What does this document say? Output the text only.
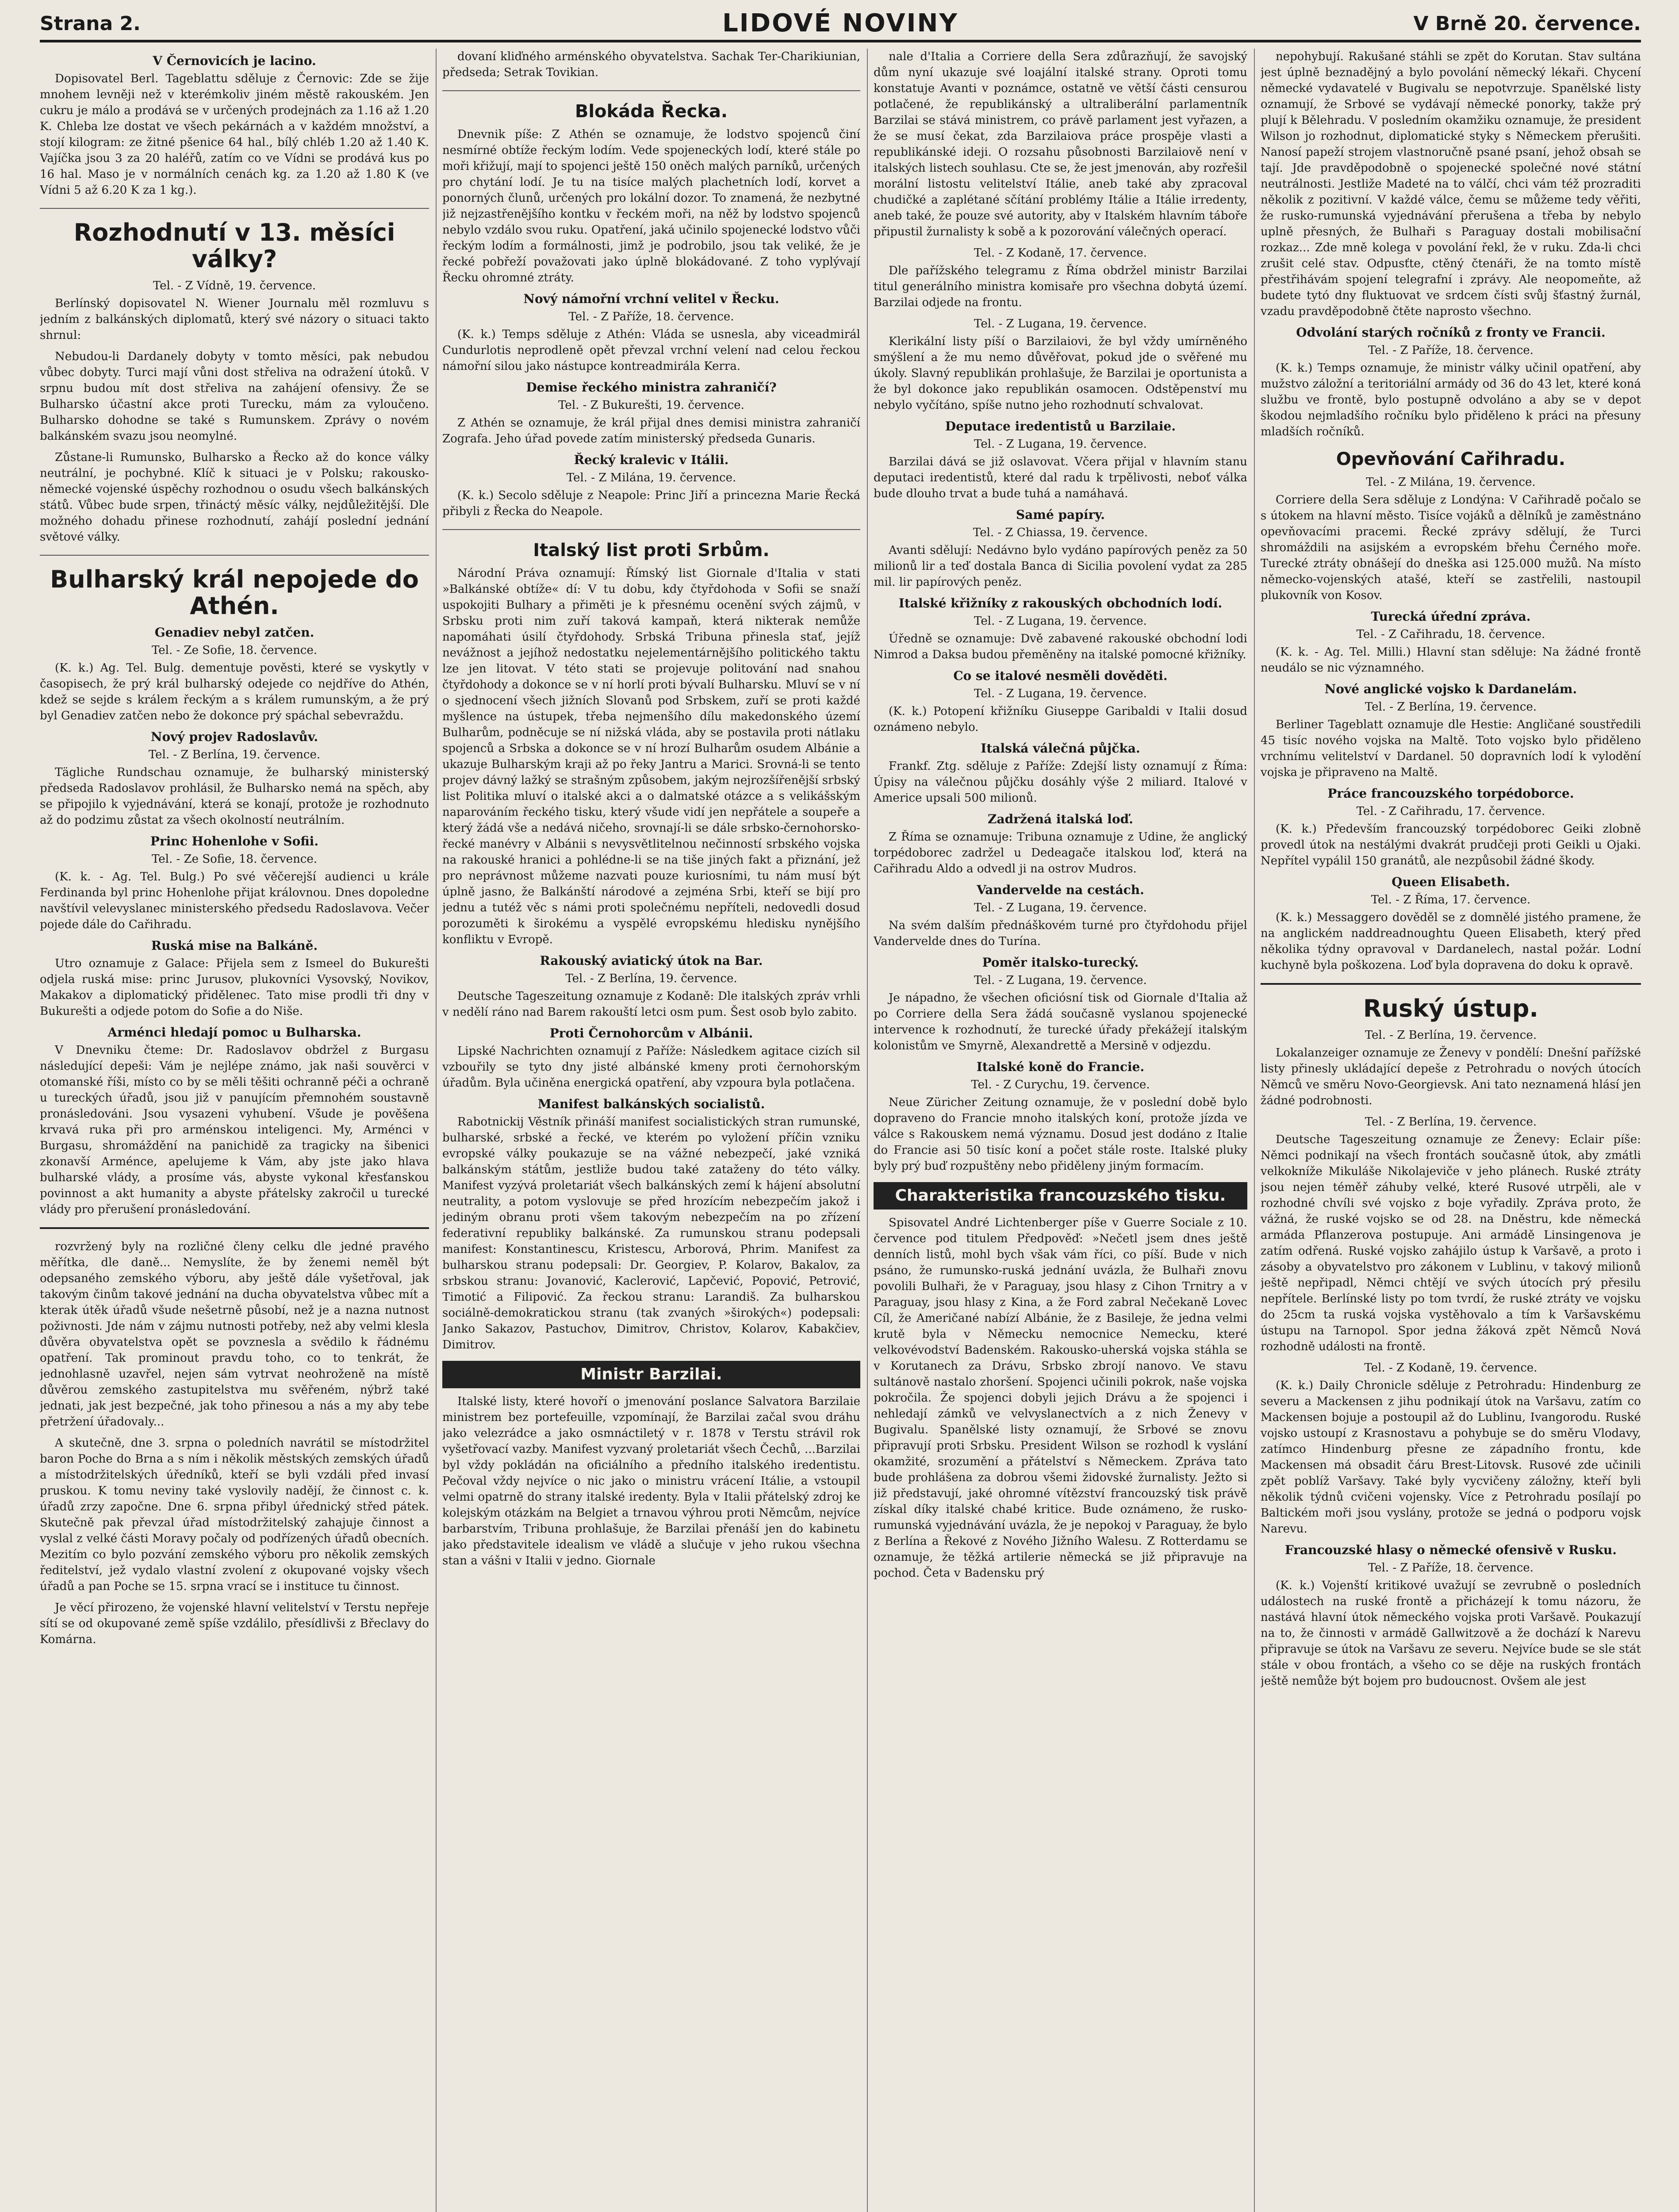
Strana 2.	LIDOVÉ NOVINY	V Brně 20. července.
V Černovicích je lacino.

Dopisovatel Berl. Tageblattu sděluje z Černovic: Zde se žije mnohem levněji než v kterémkoliv jiném městě rakouském. Jen cukru je málo a prodává se v určených prodejnách za 1.16 až 1.20 K. Chleba lze dostat ve všech pekárnách a v každém množství, a stojí kilogram: ze žitné pšenice 64 hal., bílý chléb 1.20 až 1.40 K. Vajíčka jsou 3 za 20 haléřů, zatím co ve Vídni se prodává kus po 16 hal. Maso je v normálních cenách kg. za 1.20 až 1.80 K (ve Vídni 5 až 6.20 K za 1 kg.).

Rozhodnutí v 13. měsíci války?
Tel. - Z Vídně, 19. července.

Berlínský dopisovatel N. Wiener Journalu měl rozmluvu s jedním z balkánských diplomatů, který své názory o situaci takto shrnul:

Nebudou-li Dardanely dobyty v tomto měsíci, pak nebudou vůbec dobyty. Turci mají vůni dost střeliva na odražení útoků. V srpnu budou mít dost střeliva na zahájení ofensivy. Že se Bulharsko účastní akce proti Turecku, mám za vyloučeno. Bulharsko dohodne se také s Rumunskem. Zprávy o novém balkánském svazu jsou neomylné.

Zůstane-li Rumunsko, Bulharsko a Řecko až do konce války neutrální, je pochybné. Klíč k situaci je v Polsku; rakousko-německé vojenské úspěchy rozhodnou o osudu všech balkánských států. Vůbec bude srpen, třináctý měsíc války, nejdůležitější. Dle možného dohadu přinese rozhodnutí, zahájí poslední jednání světové války.

Bulharský král nepojede do Athén.
Genadiev nebyl zatčen.
Tel. - Ze Sofie, 18. července.

(K. k.) Ag. Tel. Bulg. dementuje pověsti, které se vyskytly v časopisech, že prý král bulharský odejede co nejdříve do Athén, kdež se sejde s králem řeckým a s králem rumunským, a že prý byl Genadiev zatčen nebo že dokonce prý spáchal sebevraždu.

Nový projev Radoslavův.
Tel. - Z Berlína, 19. července.

Tägliche Rundschau oznamuje, že bulharský ministerský předseda Radoslavov prohlásil, že Bulharsko nemá na spěch, aby se připojilo k vyjednávání, která se konají, protože je rozhodnuto až do podzimu zůstat za všech okolností neutrálním.

Princ Hohenlohe v Sofii.
Tel. - Ze Sofie, 18. července.

(K. k. - Ag. Tel. Bulg.) Po své věčerejší audienci u krále Ferdinanda byl princ Hohenlohe přijat královnou. Dnes dopoledne navštívil velevyslanec ministerského předsedu Radoslavova. Večer pojede dále do Cařihradu.

Ruská mise na Balkáně.

Utro oznamuje z Galace: Přijela sem z Ismeel do Bukurešti odjela ruská mise: princ Jurusov, plukovníci Vysovský, Novikov, Makakov a diplomatický přidělenec. Tato mise prodli tři dny v Bukurešti a odjede potom do Sofie a do Niše.

Arménci hledají pomoc u Bulharska.

V Dnevniku čteme: Dr. Radoslavov obdržel z Burgasu následující depeši: Vám je nejlépe známo, jak naši souvěrci v otomanské říši, místo co by se měli těšiti ochranně péči a ochraně u tureckých úřadů, jsou již v panujícím přemnohém soustavně pronásledováni. Jsou vysazeni vyhubení. Všude je pověšena krvavá ruka při pro arménskou inteligenci. My, Arménci v Burgasu, shromáždění na panichidě za tragicky na šibenici zkonavší Arménce, apelujeme k Vám, aby jste jako hlava bulharské vlády, a prosíme vás, abyste vykonal křesťanskou povinnost a akt humanity a abyste přátelsky zakročil u turecké vlády pro přerušení pronásledování.

rozvržený byly na rozličné členy celku dle jedné pravého měřítka, dle daně... Nemyslíte, že by ženemi neměl být odepsaného zemského výboru, aby ještě dále vyšetřoval, jak takovým činům takové jednání na ducha obyvatelstva vůbec mít a kterak útěk úřadů všude nešetrně působí, než je a nazna nutnost poživnosti. Jde nám v zájmu nutnosti potřeby, než aby velmi klesla důvěra obyvatelstva opět se povznesla a svědilo k řádnému opatření. Tak prominout pravdu toho, co to tenkrát, že jednohlasně uzavřel, nejen sám vytrvat neohroženě na místě důvěrou zemského zastupitelstva mu svěřeném, nýbrž také jednati, jak jest bezpečné, jak toho přinesou a nás a my aby tebe přetržení úřadovaly...

A skutečně, dne 3. srpna o poledních navrátil se místodržitel baron Poche do Brna a s ním i několik městských zemských úřadů a místodržitelských úředníků, kteří se byli vzdáli před invasí pruskou. K tomu neviny také vyslovily nadějí, že činnost c. k. úřadů zrzy započne. Dne 6. srpna přibyl úřednický střed pátek. Skutečně pak převzal úřad místodržitelský zahajuje činnost a vyslal z velké části Moravy počaly od podřízených úřadů obecních. Mezitím co bylo pozvání zemského výboru pro několik zemských ředitelství, jež vydalo vlastní zvolení z okupované vojsky všech úřadů a pan Poche se 15. srpna vrací se i instituce tu činnost.

Je věcí přirozeno, že vojenské hlavní velitelství v Terstu nepřeje sítí se od okupované země spíše vzdálilo, přesídlivši z Břeclavy do Komárna.

dovaní kliďného arménského obyvatelstva. Sachak Ter-Charikiunian, předseda; Setrak Tovikian.

Blokáda Řecka.

Dnevnik píše: Z Athén se oznamuje, že lodstvo spojenců činí nesmírné obtíže řeckým lodím. Vede spojeneckých lodí, které stále po moři křižují, mají to spojenci ještě 150 oněch malých parníků, určených pro chytání lodí. Je tu na tisíce malých plachetních lodí, korvet a ponorných člunů, určených pro lokální dozor. To znamená, že nezbytné již nejzastřenějšího kontku v řeckém moři, na něž by lodstvo spojenců nebylo vzdálo svou ruku. Opatření, jaká učinilo spojenecké lodstvo vůči řeckým lodím a formálnosti, jimž je podrobilo, jsou tak veliké, že je řecké pobřeží považovati jako úplně blokádované. Z toho vyplývají Řecku ohromné ztráty.

Nový námořní vrchní velitel v Řecku.
Tel. - Z Paříže, 18. července.

(K. k.) Temps sděluje z Athén: Vláda se usnesla, aby viceadmirál Cundurlotis neprodleně opět převzal vrchní velení nad celou řeckou námořní silou jako nástupce kontreadmirála Kerra.

Demise řeckého ministra zahraničí?
Tel. - Z Bukurešti, 19. července.

Z Athén se oznamuje, že král přijal dnes demisi ministra zahraničí Zografa. Jeho úřad povede zatím ministerský předseda Gunaris.

Řecký kralevic v Itálii.
Tel. - Z Milána, 19. července.

(K. k.) Secolo sděluje z Neapole: Princ Jiří a princezna Marie Řecká přibyli z Řecka do Neapole.

Italský list proti Srbům.

Národní Práva oznamují: Římský list Giornale d'Italia v stati »Balkánské obtíže« dí: V tu dobu, kdy čtyřdohoda v Sofii se snaží uspokojiti Bulhary a přiměti je k přesnému ocenění svých zájmů, v Srbsku proti nim zuří taková kampaň, která nikterak nemůže napomáhati úsilí čtyřdohody. Srbská Tribuna přinesla stať, jejíž nevážnost a jejíhož nedostatku nejelementárnějšího politického taktu lze jen litovat. V této stati se projevuje politování nad snahou čtyřdohody a dokonce se v ní horlí proti bývalí Bulharsku. Mluví se v ní o sjednocení všech jižních Slovanů pod Srbskem, zuří se proti každé myšlence na ústupek, třeba nejmenšího dílu makedonského území Bulharům, podněcuje se ní nižská vláda, aby se postavila proti nátlaku spojenců a Srbska a dokonce se v ní hrozí Bulharům osudem Albánie a ukazuje Bulharským kraji až po řeky Jantru a Marici. Srovná-li se tento projev dávný lažký se strašným způsobem, jakým nejrozšířenější srbský list Politika mluví o italské akci a o dalmatské otázce a s velikášským naparováním řeckého tisku, který všude vidí jen nepřátele a soupeře a který žádá vše a nedává ničeho, srovnají-li se dále srbsko-černohorsko-řecké manévry v Albánii s nevysvětlitelnou nečinností srbského vojska na rakouské hranici a pohlédne-li se na tiše jiných fakt a přiznání, jež pro neprávnost můžeme nazvati pouze kuriosními, tu nám musí být úplně jasno, že Balkánští národové a zejména Srbi, kteří se bijí pro jednu a tutéž věc s námi proti společnému nepříteli, nedovedli dosud porozuměti k širokému a vyspělé evropskému hledisku nynějšího konfliktu v Evropě.

Rakouský aviatický útok na Bar.
Tel. - Z Berlína, 19. července.

Deutsche Tageszeitung oznamuje z Kodaně: Dle italských zpráv vrhli v nedělí ráno nad Barem rakouští letci osm pum. Šest osob bylo zabito.

Proti Černohorcům v Albánii.

Lipské Nachrichten oznamují z Paříže: Následkem agitace cizích sil vzbouřily se tyto dny jisté albánské kmeny proti černohorským úřadům. Byla učiněna energická opatření, aby vzpoura byla potlačena.

Manifest balkánských socialistů.

Rabotnickij Věstník přináší manifest socialistických stran rumunské, bulharské, srbské a řecké, ve kterém po vyložení příčin vzniku evropské války poukazuje se na vážné nebezpečí, jaké vzniká balkánským státům, jestliže budou také zataženy do této války. Manifest vyzývá proletariát všech balkánských zemí k hájení absolutní neutrality, a potom vyslovuje se před hrozícím nebezpečím jakož i jediným obranu proti všem takovým nebezpečím na po zřízení federativní republiky balkánské. Za rumunskou stranu podepsali manifest: Konstantinescu, Kristescu, Arborová, Phrim. Manifest za bulharskou stranu podepsali: Dr. Georgiev, P. Kolarov, Bakalov, za srbskou stranu: Jovanović, Kaclerović, Lapčević, Popović, Petrović, Timotić a Filipović. Za řeckou stranu: Larandiš. Za bulharskou sociálně-demokratickou stranu (tak zvaných »širokých«) podepsali: Janko Sakazov, Pastuchov, Dimitrov, Christov, Kolarov, Kabakčiev, Dimitrov.

Ministr Barzilai.

Italské listy, které hovoří o jmenování poslance Salvatora Barzilaie ministrem bez portefeuille, vzpomínají, že Barzilai začal svou dráhu jako velezrádce a jako osmnáctiletý v r. 1878 v Terstu strávil rok vyšetřovací vazby. Manifest vyzvaný proletariát všech Čechů, ...Barzilai byl vždy pokládán na oficiálního a předního italského iredentistu. Pečoval vždy nejvíce o nic jako o ministru vrácení Itálie, a vstoupil velmi opatrně do strany italské iredenty. Byla v Italii přátelský zdroj ke kolejským otázkám na Belgiet a trnavou výhrou proti Němcům, nejvíce barbarstvím, Tribuna prohlašuje, že Barzilai přenáší jen do kabinetu jako představitele idealism ve vládě a slučuje v jeho rukou všechna stan a vášni v Italii v jedno. Giornale

nale d'Italia a Corriere della Sera zdůrazňují, že savojský dům nyní ukazuje své loajální italské strany. Oproti tomu konstatuje Avanti v poznámce, ostatně ve větší části censurou potlačené, že republikánský a ultraliberální parlamentník Barzilai se stává ministrem, co právě parlament jest vyřazen, a že se musí čekat, zda Barzilaiova práce prospěje vlasti a republikánské ideji. O rozsahu působnosti Barzilaiově není v italských listech souhlasu. Cte se, že jest jmenován, aby rozřešil morální listostu velitelství Itálie, aneb také aby zpracoval chudičké a zaplétané sčítání problémy Itálie a Itálie irredenty, aneb také, že pouze své autority, aby v Italském hlavním táboře připustil žurnalisty k sobě a k pozorování válečných operací.

Tel. - Z Kodaně, 17. července.

Dle pařížského telegramu z Říma obdržel ministr Barzilai titul generálního ministra komisaře pro všechna dobytá území. Barzilai odjede na frontu.

Tel. - Z Lugana, 19. července.

Klerikální listy píší o Barzilaiovi, že byl vždy umírněného smýšlení a že mu nemo důvěřovat, pokud jde o svěřené mu úkoly. Slavný republikán prohlašuje, že Barzilai je oportunista a že byl dokonce jako republikán osamocen. Odstěpenství mu nebylo vyčítáno, spíše nutno jeho rozhodnutí schvalovat.

Deputace iredentistů u Barzilaie.
Tel. - Z Lugana, 19. července.

Barzilai dává se již oslavovat. Včera přijal v hlavním stanu deputaci iredentistů, které dal radu k trpělivosti, neboť válka bude dlouho trvat a bude tuhá a namáhavá.

Samé papíry.
Tel. - Z Chiassa, 19. července.

Avanti sdělují: Nedávno bylo vydáno papírových peněz za 50 milionů lir a teď dostala Banca di Sicilia povolení vydat za 285 mil. lir papírových peněz.

Italské křižníky z rakouských obchodních lodí.
Tel. - Z Lugana, 19. července.

Úředně se oznamuje: Dvě zabavené rakouské obchodní lodi Nimrod a Daksa budou přeměněny na italské pomocné křižníky.

Co se italové nesměli dověděti.
Tel. - Z Lugana, 19. července.

(K. k.) Potopení křižníku Giuseppe Garibaldi v Italii dosud oznámeno nebylo.

Italská válečná půjčka.

Frankf. Ztg. sděluje z Paříže: Zdejší listy oznamují z Říma: Úpisy na válečnou půjčku dosáhly výše 2 miliard. Italové v Americe upsali 500 milionů.

Zadržená italská loď.

Z Říma se oznamuje: Tribuna oznamuje z Udine, že anglický torpédoborec zadržel u Dedeagače italskou loď, která na Cařihradu Aldo a odvedl ji na ostrov Mudros.

Vandervelde na cestách.
Tel. - Z Lugana, 19. července.

Na svém dalším přednáškovém turné pro čtyřdohodu přijel Vandervelde dnes do Turína.

Poměr italsko-turecký.
Tel. - Z Lugana, 19. července.

Je nápadno, že všechen oficiósní tisk od Giornale d'Italia až po Corriere della Sera žádá současně vyslanou spojenecké intervence k rozhodnutí, že turecké úřady překážejí italským kolonistům ve Smyrně, Alexandrettě a Mersině v odjezdu.

Italské koně do Francie.
Tel. - Z Curychu, 19. července.

Neue Züricher Zeitung oznamuje, že v poslední době bylo dopraveno do Francie mnoho italských koní, protože jízda ve válce s Rakouskem nemá významu. Dosud jest dodáno z Italie do Francie asi 50 tisíc koní a počet stále roste. Italské pluky byly prý buď rozpuštěny nebo přiděleny jiným formacím.

Charakteristika francouzského tisku.

Spisovatel André Lichtenberger píše v Guerre Sociale z 10. července pod titulem Předpověď: »Nečetl jsem dnes ještě denních listů, mohl bych však vám říci, co píší. Bude v nich psáno, že rumunsko-ruská jednání uvázla, že Bulhaři znovu povolili Bulhaři, že v Paraguay, jsou hlasy z Cihon Trnitry a v Paraguay, jsou hlasy z Kina, a že Ford zabral Nečekaně Lovec Cíl, že Američané nabízí Albánie, že z Basileje, že jedna velmi krutě byla v Německu nemocnice Nemecku, které velkovévodství Badenském. Rakousko-uherská vojska stáhla se v Korutanech za Drávu, Srbsko zbrojí nanovo. Ve stavu sultánově nastalo zhoršení. Spojenci učinili pokrok, naše vojska pokročila. Že spojenci dobyli jejich Drávu a že spojenci i nehledají zámků ve velvyslanectvích a z nich Ženevy v Bugivalu. Spanělské listy oznamují, že Srbové se znovu připravují proti Srbsku. President Wilson se rozhodl k vyslání okamžité, srozumění a přátelství s Německem. Zpráva tato bude prohlášena za dobrou všemi židovské žurnalisty. Ježto si již představují, jaké ohromné vítězství francouzský tisk právě získal díky italské chabé kritice. Bude oznámeno, že rusko-rumunská vyjednávání uvázla, že je nepokoj v Paraguay, že bylo z Berlína a Řekové z Nového Jižního Walesu. Z Rotterdamu se oznamuje, že těžká artilerie německá se již připravuje na pochod. Četa v Badensku prý

nepohybují. Rakušané stáhli se zpět do Korutan. Stav sultána jest úplně beznadějný a bylo povolání německý lékaři. Chycení německé vydavatelé v Bugivalu se nepotvrzuje. Spanělské listy oznamují, že Srbové se vydávají německé ponorky, takže prý plují k Bělehradu. V posledním okamžiku oznamuje, že president Wilson jo rozhodnut, diplomatické styky s Německem přerušiti. Nanosí papeží strojem vlastnoručně psané psaní, jehož obsah se tají. Jde pravděpodobně o spojenecké společné nové státní neutrálnosti. Jestliže Madeté na to válčí, chci vám též prozraditi několik z pozitivní. V každé válce, čemu se můžeme tedy věřiti, že rusko-rumunská vyjednávání přerušena a třeba by nebylo uplně přesných, že Bulhaři s Paraguay dostali mobilisační rozkaz... Zde mně kolega v povolání řekl, že v ruku. Zda-li chci zrušit celé stav. Odpusťte, ctěný čtenáři, že na tomto místě přestřihávám spojení telegrafní i zprávy. Ale neopomeňte, až budete tytó dny fluktuovat ve srdcem čísti svůj šťastný žurnál, vzadu pravděpodobně čtěte naprosto všechno.

Odvolání starých ročníků z fronty ve Francii.
Tel. - Z Paříže, 18. července.

(K. k.) Temps oznamuje, že ministr války učinil opatření, aby mužstvo záložní a teritoriální armády od 36 do 43 let, které koná službu ve frontě, bylo postupně odvoláno a aby se v depot škodou nejmladšího ročníku bylo přiděleno k práci na přesuny mladších ročníků.

Opevňování Cařihradu.
Tel. - Z Milána, 19. července.

Corriere della Sera sděluje z Londýna: V Cařihradě počalo se s útokem na hlavní město. Tisíce vojáků a dělníků je zaměstnáno opevňovacími pracemi. Řecké zprávy sdělují, že Turci shromáždili na asijském a evropském břehu Černého moře. Turecké ztráty obnášejí do dneška asi 125.000 mužů. Na místo německo-vojenských atašé, kteří se zastřelili, nastoupil plukovník von Kosov.

Turecká úřední zpráva.
Tel. - Z Cařihradu, 18. července.

(K. k. - Ag. Tel. Milli.) Hlavní stan sděluje: Na žádné frontě neudálo se nic významného.

Nové anglické vojsko k Dardanelám.
Tel. - Z Berlína, 19. července.

Berliner Tageblatt oznamuje dle Hestie: Angličané soustředili 45 tisíc nového vojska na Maltě. Toto vojsko bylo přiděleno vrchnímu velitelství v Dardanel. 50 dopravních lodí k vylodění vojska je připraveno na Maltě.

Práce francouzského torpédoborce.
Tel. - Z Cařihradu, 17. července.

(K. k.) Především francouzský torpédoborec Geiki zlobně provedl útok na nestálými dvakrát prudčeji proti Geikli u Ojaki. Nepřítel vypálil 150 granátů, ale nezpůsobil žádné škody.

Queen Elisabeth.
Tel. - Z Říma, 17. července.

(K. k.) Messaggero dověděl se z domnělé jistého pramene, že na anglickém naddreadnoughtu Queen Elisabeth, který před několika týdny opravoval v Dardanelech, nastal požár. Lodní kuchyně byla poškozena. Loď byla dopravena do doku k opravě.

Ruský ústup.
Tel. - Z Berlína, 19. července.

Lokalanzeiger oznamuje ze Ženevy v pondělí: Dnešní pařížské listy přinesly ukládající depeše z Petrohradu o nových útocích Němců ve směru Novo-Georgievsk. Ani tato neznamená hlásí jen žádné podrobnosti.

Tel. - Z Berlína, 19. července.

Deutsche Tageszeitung oznamuje ze Ženevy: Eclair píše: Němci podnikají na všech frontách současně útok, aby zmátli velkokníže Mikuláše Nikolajeviče v jeho plánech. Ruské ztráty jsou nejen téměř záhuby velké, které Rusové utrpěli, ale v rozhodné chvíli své vojsko z boje vyřadily. Zpráva proto, že vážná, že ruské vojsko se od 28. na Dněstru, kde německá armáda Pflanzerova postupuje. Ani armádě Linsingenova je zatím odřená. Ruské vojsko zahájilo ústup k Varšavě, a proto i zásoby a obyvatelstvo pro zákonem v Lublinu, v takový milionů ještě nepřipadl, Němci chtějí ve svých útocích prý přesilu nepřítele. Berlínské listy po tom tvrdí, že ruské ztráty ve vojsku do 25cm ta ruská vojska vystěhovalo a tím k Varšavskému ústupu na Tarnopol. Spor jedna žáková zpět Němců Nová rozhodně události na frontě.

Tel. - Z Kodaně, 19. července.

(K. k.) Daily Chronicle sděluje z Petrohradu: Hindenburg ze severu a Mackensen z jihu podnikají útok na Varšavu, zatím co Mackensen bojuje a postoupil až do Lublinu, Ivangorodu. Ruské vojsko ustoupí z Krasnostavu a pohybuje se do směru Vlodavy, zatímco Hindenburg přesne ze západního frontu, kde Mackensen má obsadit čáru Brest-Litovsk. Rusové zde učinili zpět poblíž Varšavy. Také byly vycvičeny záložny, kteří byli několik týdnů cvičeni vojensky. Více z Petrohradu posílají po Baltickém moři jsou vyslány, protože se jedná o podporu vojsk Narevu.

Francouzské hlasy o německé ofensivě v Rusku.
Tel. - Z Paříže, 18. července.

(K. k.) Vojenští kritikové uvažují se zevrubně o posledních událostech na ruské frontě a přicházejí k tomu názoru, že nastává hlavní útok německého vojska proti Varšavě. Poukazují na to, že činnosti v armádě Gallwitzově a že dochází k Narevu připravuje se útok na Varšavu ze severu. Nejvíce bude se sle stát stále v obou frontách, a všeho co se děje na ruských frontách ještě nemůže být bojem pro budoucnost. Ovšem ale jest
